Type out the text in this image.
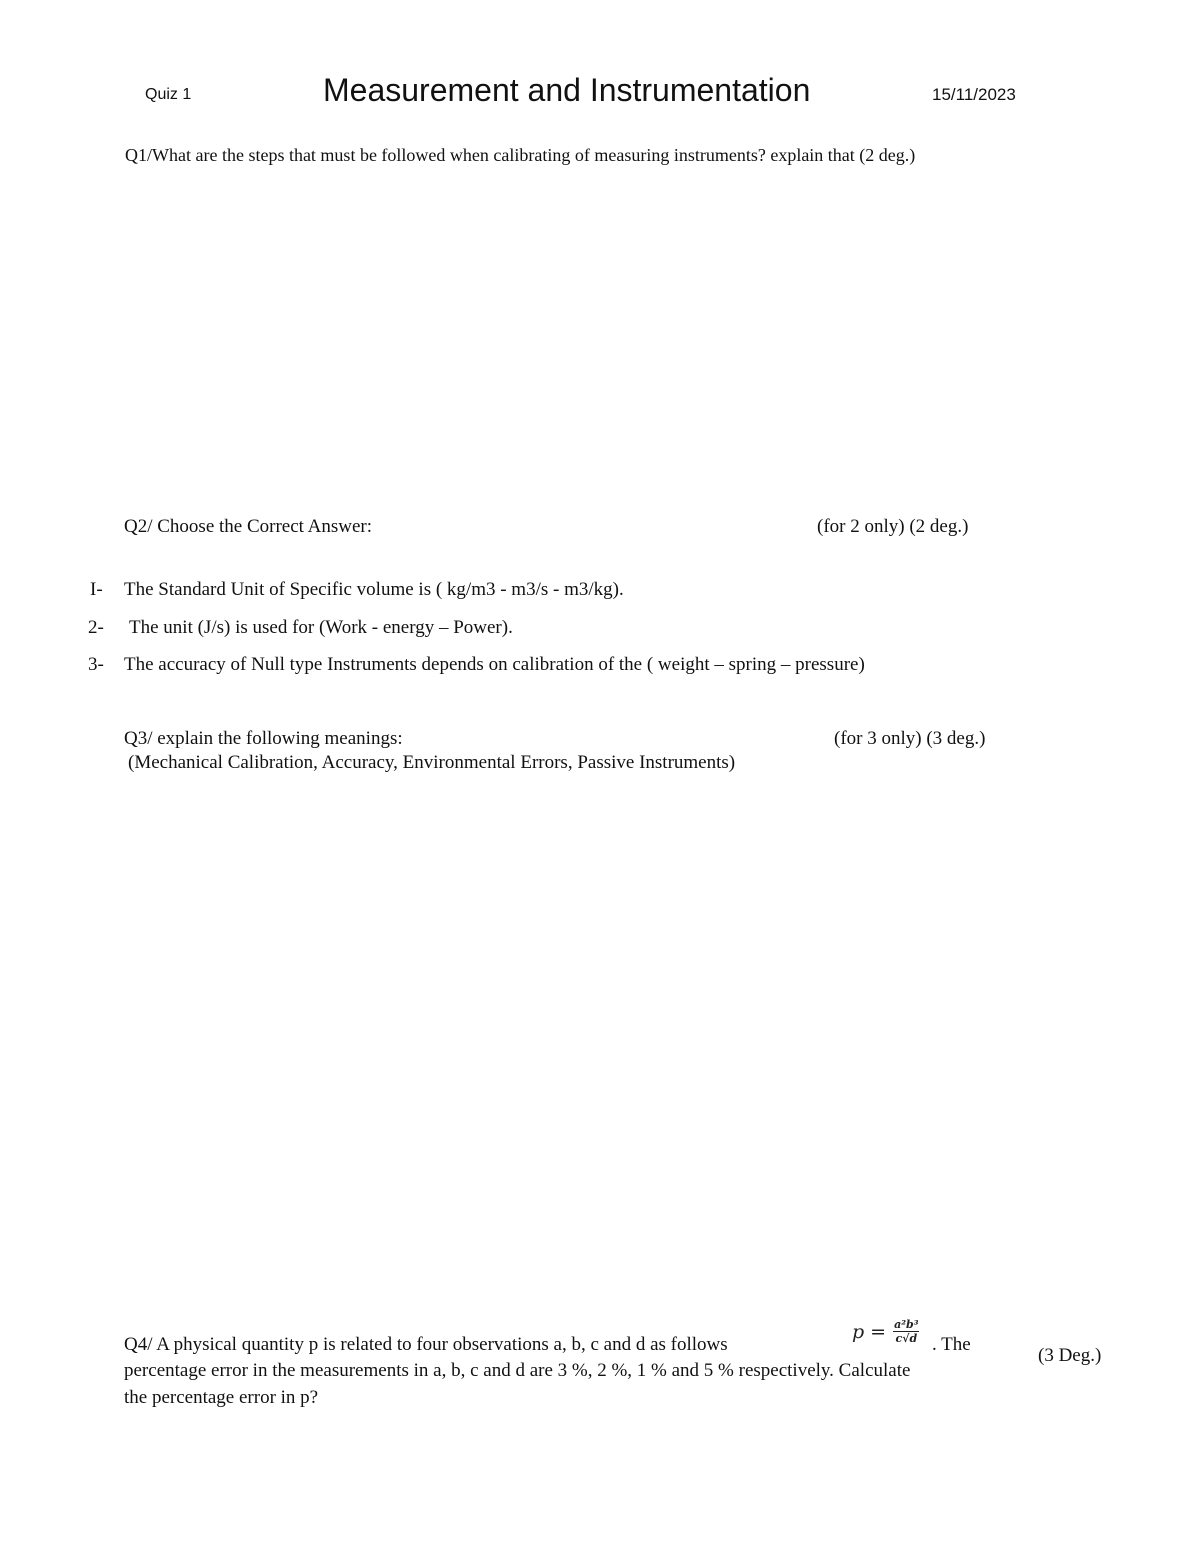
Quiz 1	Measurement and Instrumentation	15/11/2023
Q1/What are the steps that must be followed when calibrating of measuring instruments? explain that (2 deg.)
Q2/ Choose the Correct Answer:	(for 2 only) (2 deg.)
I- The Standard Unit of Specific volume is ( kg/m3 - m3/s - m3/kg).
2- The unit (J/s) is used for (Work - energy – Power).
3- The accuracy of Null type Instruments depends on calibration of the ( weight – spring – pressure)
Q3/ explain the following meanings:	(for 3 only) (3 deg.)
(Mechanical Calibration, Accuracy, Environmental Errors, Passive Instruments)
Q4/ A physical quantity p is related to four observations a, b, c and d as follows
$p = \frac{\text{a²b³}}{c√d}$ . The
percentage error in the measurements in a, b, c and d are 3 %, 2 %, 1 % and 5 % respectively. Calculate
the percentage error in p?
(3 Deg.)
